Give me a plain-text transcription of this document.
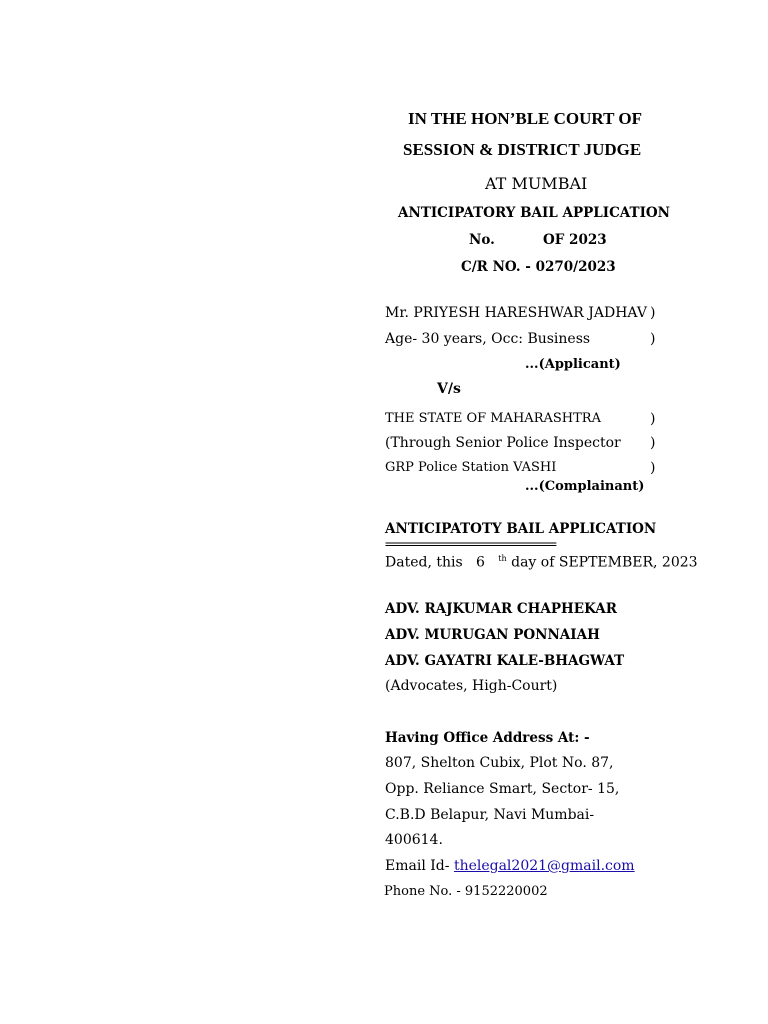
IN THE HON’BLE COURT OF
SESSION & DISTRICT JUDGE
AT MUMBAI
ANTICIPATORY BAIL APPLICATION
No.	OF 2023
C/R NO. - 0270/2023
Mr. PRIYESH HARESHWAR JADHAV )
Age- 30 years, Occ: Business	)
...(Applicant)
V/s
THE STATE OF MAHARASHTRA	)
(Through Senior Police Inspector )
GRP Police Station VASHI	)
...(Complainant)
ANTICIPATOTY BAIL APPLICATION
================================
Dated, this 6 $^{th}$ day of SEPTEMBER, 2023
ADV. RAJKUMAR CHAPHEKAR
ADV. MURUGAN PONNAIAH
ADV. GAYATRI KALE-BHAGWAT
(Advocates, High-Court)
Having Office Address At: -
807, Shelton Cubix, Plot No. 87,
Opp. Reliance Smart, Sector- 15,
C.B.D Belapur, Navi Mumbai-
400614.
Email Id- thelegal2021@gmail.com
Phone No. - 9152220002
